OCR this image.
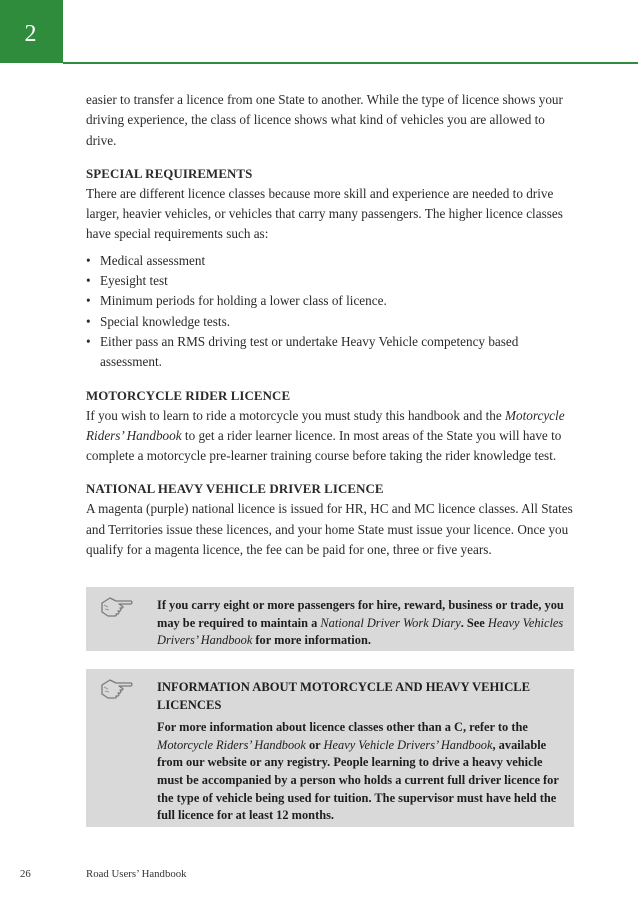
2

easier to transfer a licence from one State to another. While the type of licence shows your driving experience, the class of licence shows what kind of vehicles you are allowed to drive.

SPECIAL REQUIREMENTS

There are different licence classes because more skill and experience are needed to drive larger, heavier vehicles, or vehicles that carry many passengers. The higher licence classes have special requirements such as:

• Medical assessment
• Eyesight test
• Minimum periods for holding a lower class of licence.
• Special knowledge tests.
• Either pass an RMS driving test or undertake Heavy Vehicle competency based assessment.
MOTORCYCLE RIDER LICENCE

If you wish to learn to ride a motorcycle you must study this handbook and the Motorcycle Riders’ Handbook to get a rider learner licence. In most areas of the State you will have to complete a motorcycle pre-learner training course before taking the rider knowledge test.

NATIONAL HEAVY VEHICLE DRIVER LICENCE

A magenta (purple) national licence is issued for HR, HC and MC licence classes. All States and Territories issue these licences, and your home State must issue your licence. Once you qualify for a magenta licence, the fee can be paid for one, three or five years.

If you carry eight or more passengers for hire, reward, business or trade, you may be required to maintain a National Driver Work Diary. See Heavy Vehicles Drivers’ Handbook for more information.
INFORMATION ABOUT MOTORCYCLE AND HEAVY VEHICLE LICENCES
For more information about licence classes other than a C, refer to the Motorcycle Riders’ Handbook or Heavy Vehicle Drivers’ Handbook, available from our website or any registry. People learning to drive a heavy vehicle must be accompanied by a person who holds a current full driver licence for the type of vehicle being used for tuition. The supervisor must have held the full licence for at least 12 months.
26	Road Users’ Handbook
